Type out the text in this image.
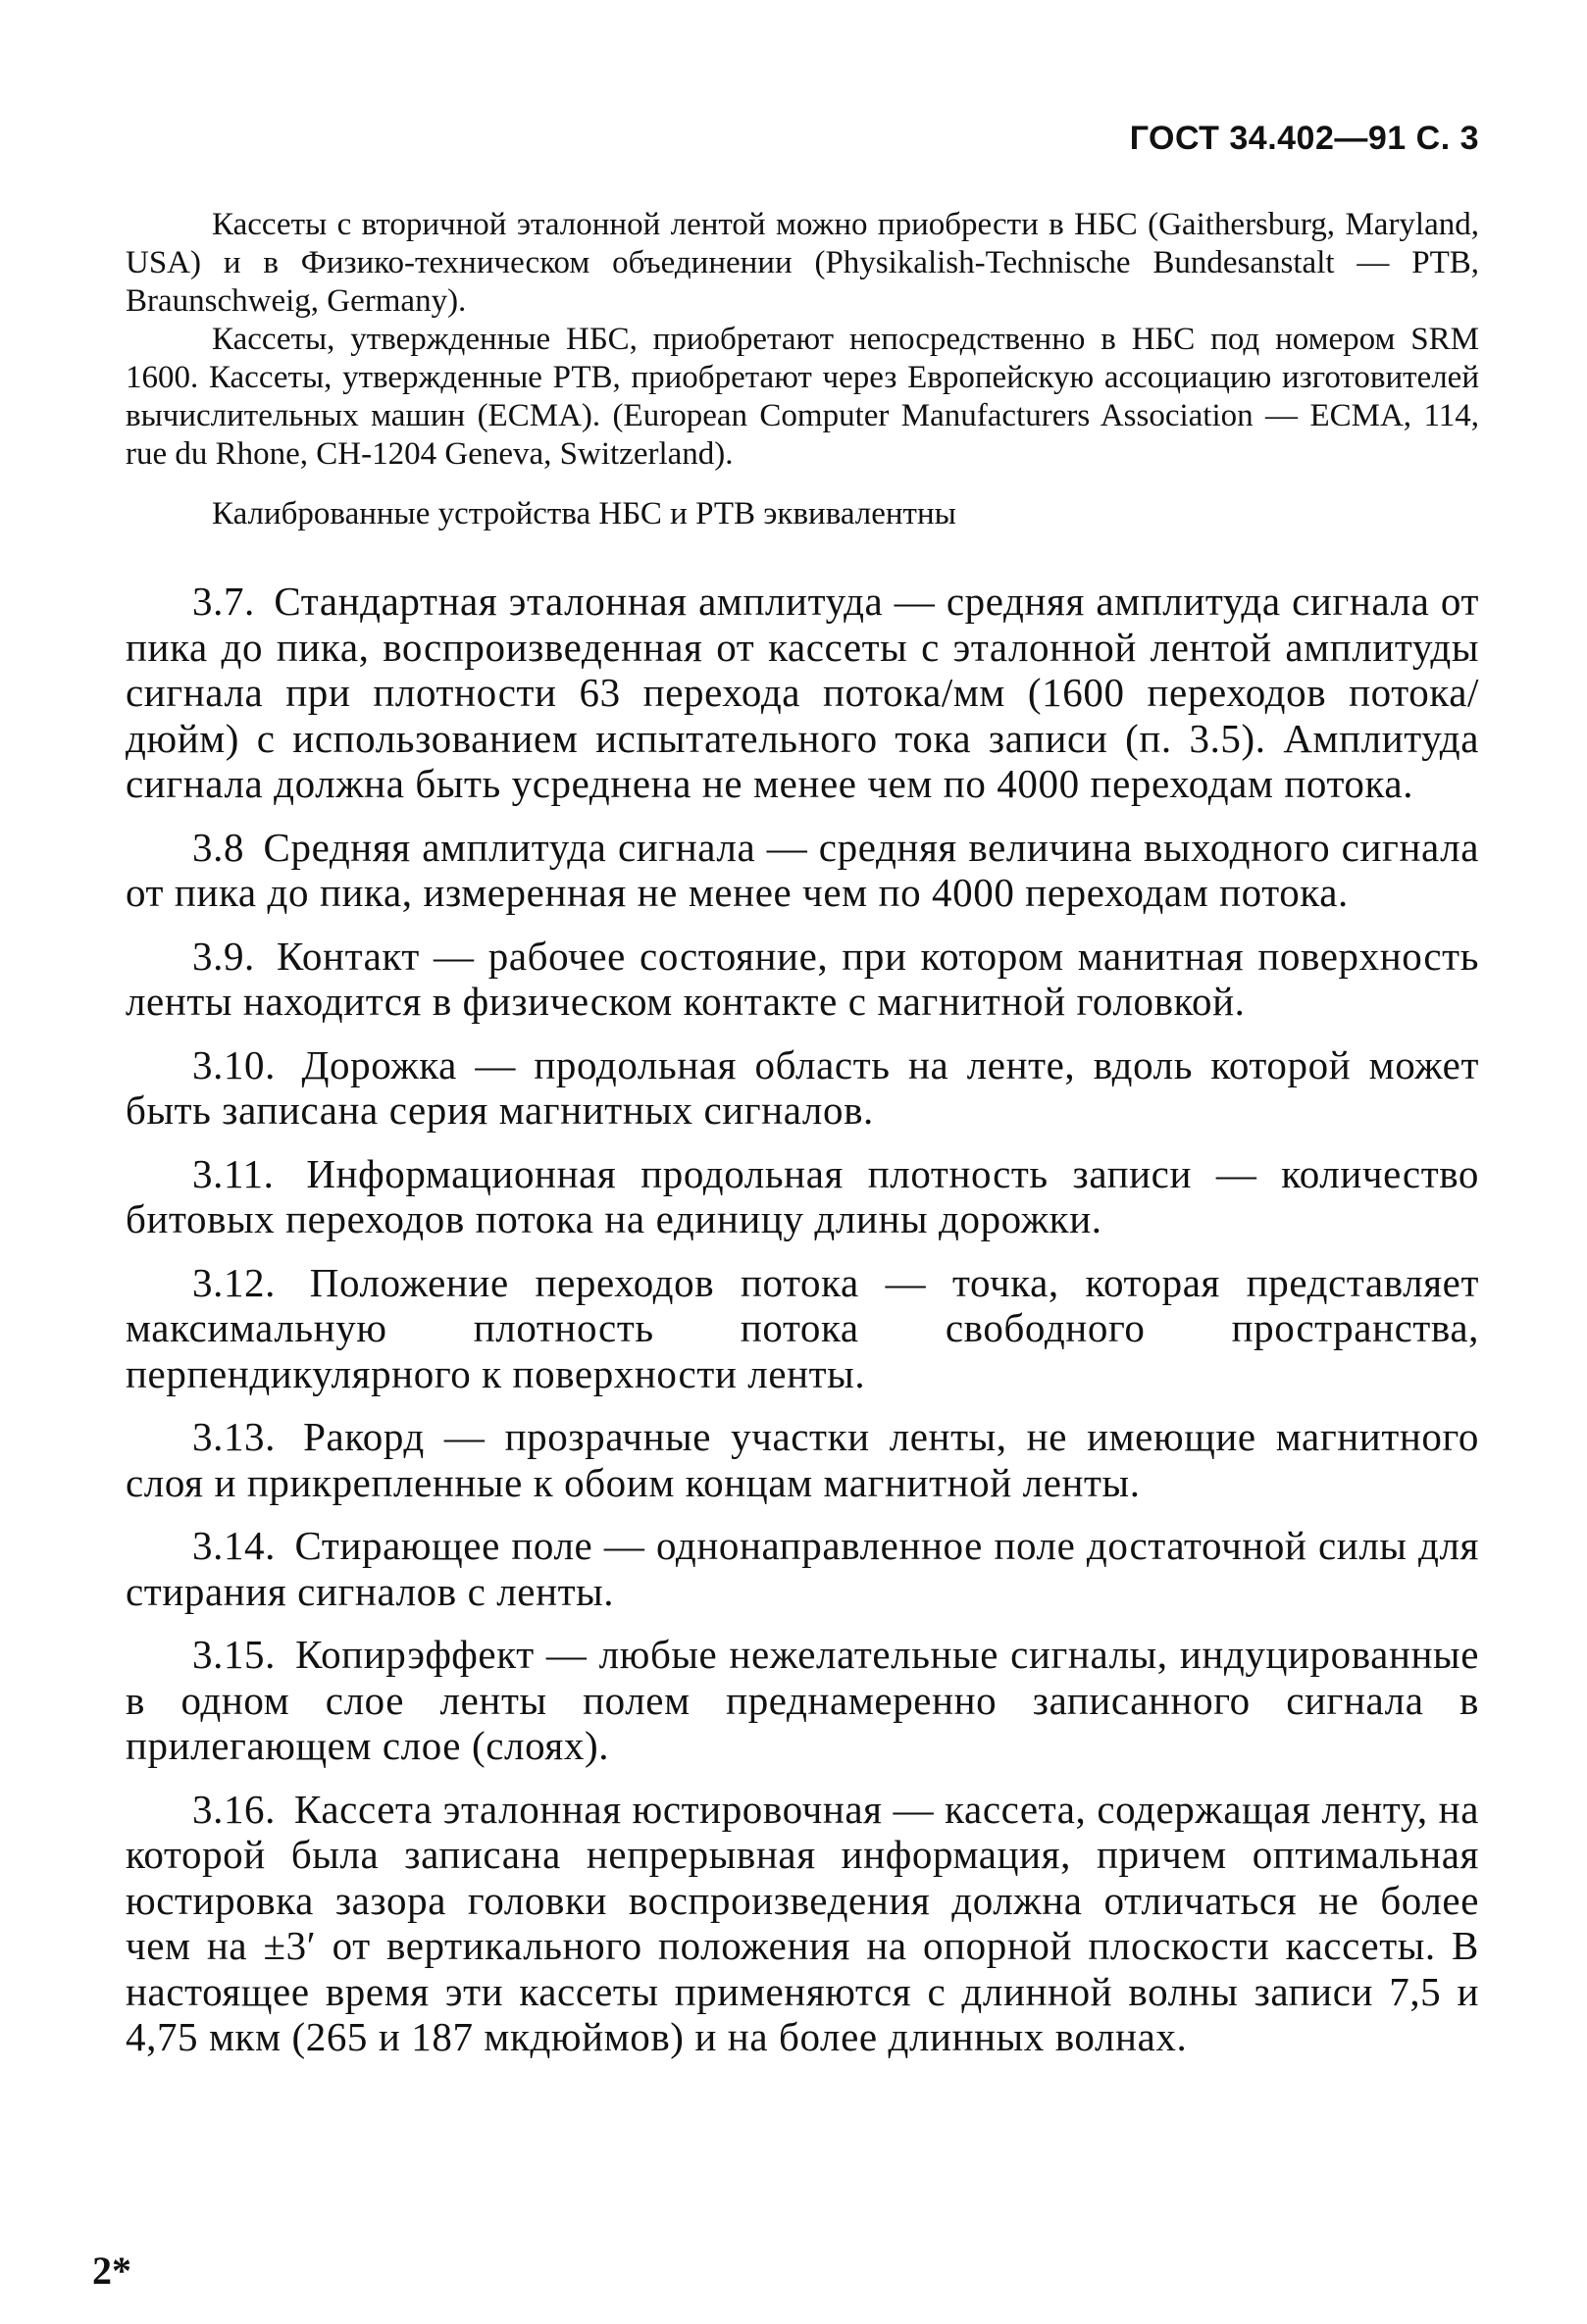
ГОСТ 34.402—91 С. 3

Кассеты с вторичной эталонной лентой можно приобрести в НБС (Gaithersburg, Maryland, USA) и в Физико-техническом объединении (Physikalish-Technische Bundesanstalt — PTB, Braunschweig, Germany).

Кассеты, утвержденные НБС, приобретают непосредственно в НБС под номером SRM 1600. Кассеты, утвержденные РТВ, приобретают через Европейскую ассоциацию изготовителей вычислительных машин (ECMA). (European Computer Manufacturers Association — ECMA, 114, rue du Rhone, CH-1204 Geneva, Switzerland).

Калиброванные устройства НБС и РТВ эквивалентны

3.7. Стандартная эталонная амплитуда — средняя амплитуда сигнала от пика до пика, воспроизведенная от кассеты с эталонной лентой амплитуды сигнала при плотности 63 перехода потока/мм (1600 переходов потока/дюйм) с использованием испытательного тока записи (п. 3.5). Амплитуда сигнала должна быть усреднена не менее чем по 4000 переходам потока.

3.8 Средняя амплитуда сигнала — средняя величина выходного сигнала от пика до пика, измеренная не менее чем по 4000 переходам потока.

3.9. Контакт — рабочее состояние, при котором манитная поверхность ленты находится в физическом контакте с магнитной головкой.

3.10. Дорожка — продольная область на ленте, вдоль которой может быть записана серия магнитных сигналов.

3.11. Информационная продольная плотность записи — количество битовых переходов потока на единицу длины дорожки.

3.12. Положение переходов потока — точка, которая представляет максимальную плотность потока свободного пространства, перпендикулярного к поверхности ленты.

3.13. Ракорд — прозрачные участки ленты, не имеющие магнитного слоя и прикрепленные к обоим концам магнитной ленты.

3.14. Стирающее поле — однонаправленное поле достаточной силы для стирания сигналов с ленты.

3.15. Копирэффект — любые нежелательные сигналы, индуцированные в одном слое ленты полем преднамеренно записанного сигнала в прилегающем слое (слоях).

3.16. Кассета эталонная юстировочная — кассета, содержащая ленту, на которой была записана непрерывная информация, причем оптимальная юстировка зазора головки воспроизведения должна отличаться не более чем на ±3′ от вертикального положения на опорной плоскости кассеты. В настоящее время эти кассеты применяются с длинной волны записи 7,5 и 4,75 мкм (265 и 187 мкдюймов) и на более длинных волнах.

2*
